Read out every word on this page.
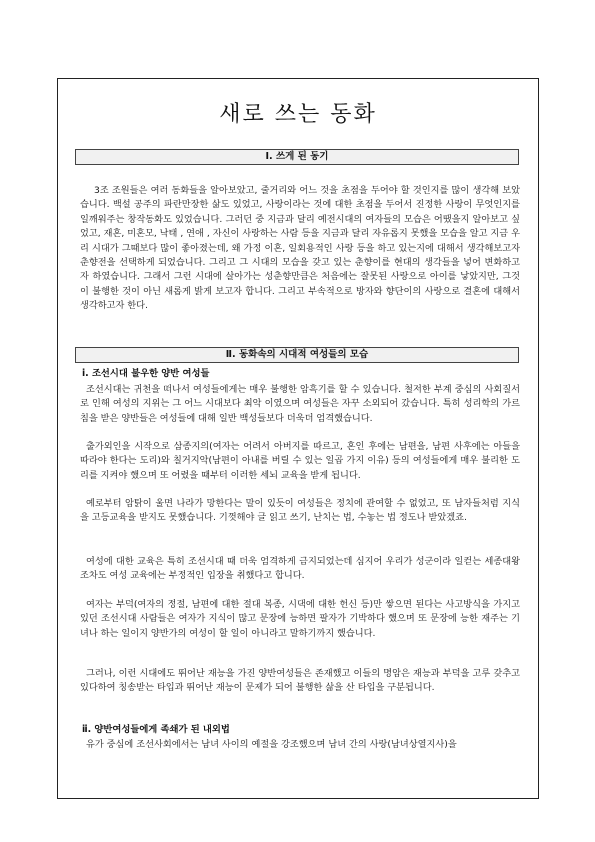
새로 쓰는 동화
Ⅰ. 쓰게 된 동기

3조 조원들은 여러 동화들을 알아보았고, 줄거리와 어느 것을 초점을 두어야 할 것인지를 많이 생각해 보았습니다. 백설 공주의 파란만장한 삶도 있었고, 사랑이라는 것에 대한 초점을 두어서 진정한 사랑이 무엇인지를 일깨워주는 창작동화도 있었습니다. 그러던 중 지금과 달리 예전시대의 여자들의 모습은 어땠을지 알아보고 싶었고, 재혼, 미혼모, 낙태 , 연애 , 자신이 사랑하는 사람 등을 지금과 달리 자유롭지 못했을 모습을 알고 지금 우리 시대가 그때보다 많이 좋아졌는데, 왜 가정 이혼, 일회용적인 사랑 등을 하고 있는지에 대해서 생각해보고자 춘향전을 선택하게 되었습니다. 그리고 그 시대의 모습을 갖고 있는 춘향이를 현대의 생각들을 넣어 변화하고자 하였습니다. 그래서 그런 시대에 살아가는 성춘향만큼은 처음에는 잘못된 사랑으로 아이를 낳았지만, 그것이 불행한 것이 아닌 새롭게 밝게 보고자 합니다. 그리고 부속적으로 방자와 향단이의 사랑으로 결혼에 대해서 생각하고자 한다.

Ⅱ. 동화속의 시대적 여성들의 모습

ⅰ. 조선시대 불우한 양반 여성들

조선시대는 귀천을 떠나서 여성들에게는 매우 불행한 암흑기를 할 수 있습니다. 철저한 부계 중심의 사회질서로 인해 여성의 지위는 그 어느 시대보다 최악 이였으며 여성들은 자꾸 소외되어 갔습니다. 특히 성리학의 가르침을 받은 양반들은 여성들에 대해 일반 백성들보다 더욱더 엄격했습니다.

출가외인을 시작으로 삼종지의(여자는 어려서 아버지를 따르고, 혼인 후에는 남편을, 남편 사후에는 아들을 따라야 한다는 도리)와 칠거지악(남편이 아내를 버릴 수 있는 일곱 가지 이유) 등의 여성들에게 매우 불리한 도리를 지켜야 했으며 또 어렸을 때부터 이러한 세뇌 교육을 받게 됩니다.

예로부터 암탉이 울면 나라가 망한다는 말이 있듯이 여성들은 정치에 관여할 수 없었고, 또 남자들처럼 지식을 고등교육을 받지도 못했습니다. 기껏해야 글 읽고 쓰기, 난치는 법, 수놓는 법 정도나 받았겠죠.

여성에 대한 교육은 특히 조선시대 때 더욱 엄격하게 금지되었는데 심지어 우리가 성군이라 일컫는 세종대왕조차도 여성 교육에는 부정적인 입장을 취했다고 합니다.

여자는 부덕(여자의 정절, 남편에 대한 절대 복종, 시댁에 대한 헌신 등)만 쌓으면 된다는 사고방식을 가지고 있던 조선시대 사람들은 여자가 지식이 많고 문장에 능하면 팔자가 기박하다 했으며 또 문장에 능한 재주는 기녀나 하는 일이지 양반가의 여성이 할 일이 아니라고 말하기까지 했습니다.

그러나, 이런 시대에도 뛰어난 재능을 가진 양반여성들은 존재했고 이들의 명암은 재능과 부덕을 고루 갖추고 있다하여 칭송받는 타입과 뛰어난 재능이 문제가 되어 불행한 삶을 산 타입을 구분됩니다.

ⅱ. 양반여성들에게 족쇄가 된 내외법

유가 중심에 조선사회에서는 남녀 사이의 예절을 강조했으며 남녀 간의 사랑(남녀상열지사)을
